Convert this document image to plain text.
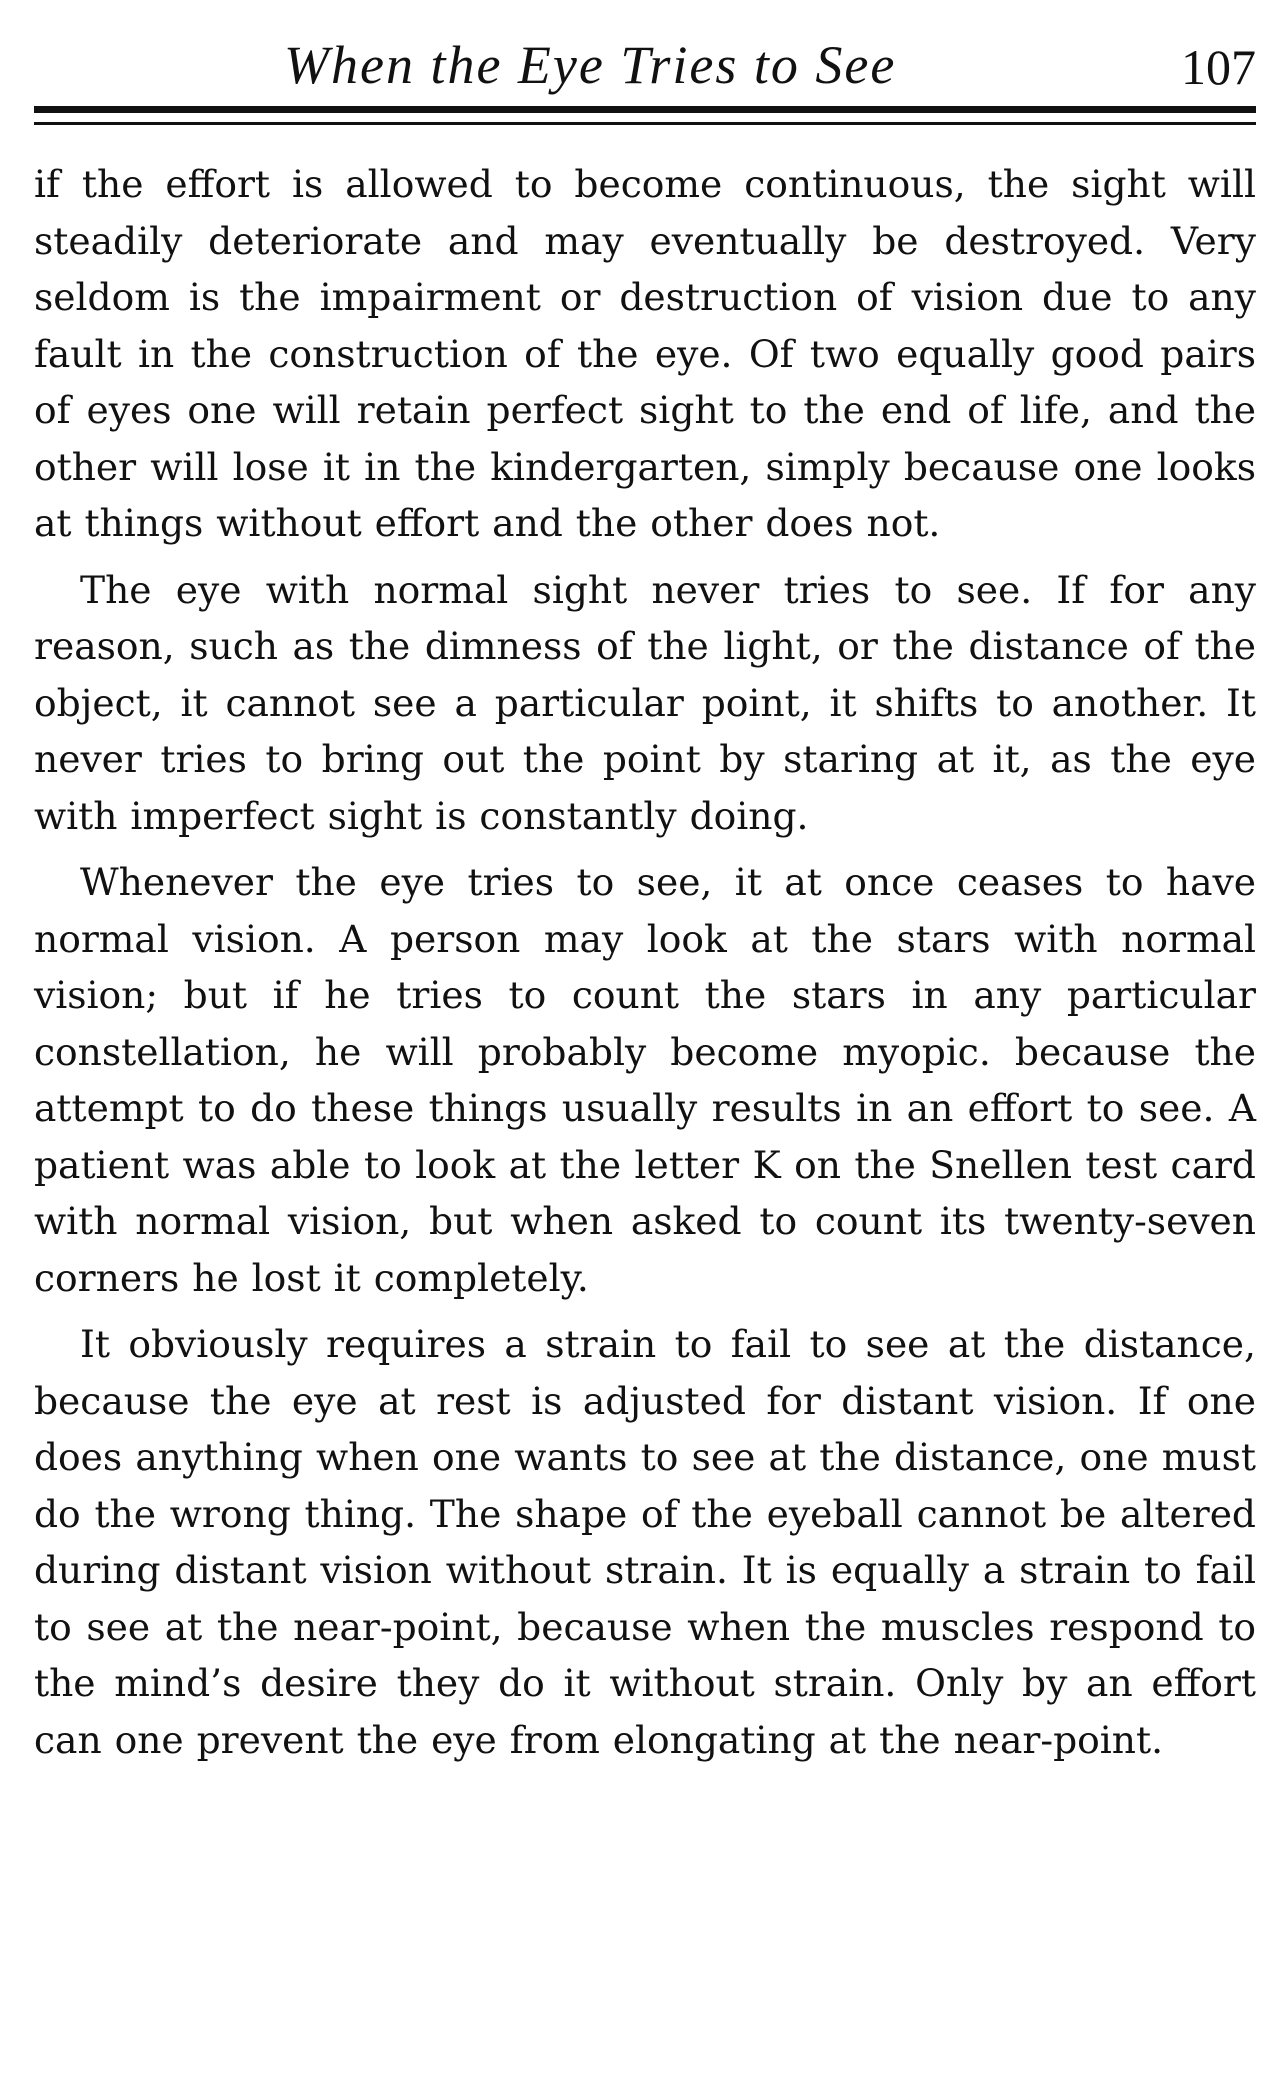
When the Eye Tries to See	107

if the effort is allowed to become continuous, the sight will steadily deteriorate and may eventually be destroyed. Very seldom is the impairment or destruction of vision due to any fault in the construction of the eye. Of two equally good pairs of eyes one will retain perfect sight to the end of life, and the other will lose it in the kindergarten, simply because one looks at things without effort and the other does not.

The eye with normal sight never tries to see. If for any reason, such as the dimness of the light, or the distance of the object, it cannot see a particular point, it shifts to another. It never tries to bring out the point by staring at it, as the eye with imperfect sight is constantly doing.

Whenever the eye tries to see, it at once ceases to have normal vision. A person may look at the stars with normal vision; but if he tries to count the stars in any particular constellation, he will probably become myopic. because the attempt to do these things usually results in an effort to see. A patient was able to look at the letter K on the Snellen test card with normal vision, but when asked to count its twenty-seven corners he lost it completely.

It obviously requires a strain to fail to see at the distance, because the eye at rest is adjusted for distant vision. If one does anything when one wants to see at the distance, one must do the wrong thing. The shape of the eyeball cannot be altered during distant vision without strain. It is equally a strain to fail to see at the near-point, because when the muscles respond to the mind’s desire they do it without strain. Only by an effort can one prevent the eye from elongating at the near-point.
